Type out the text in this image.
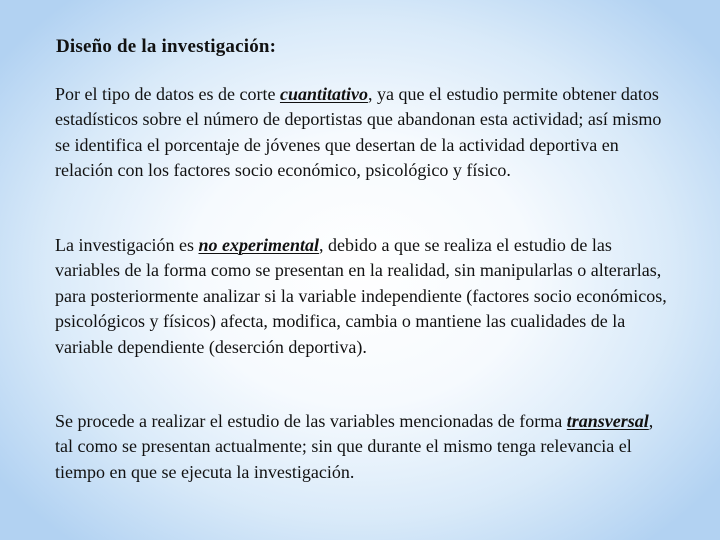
Diseño de la investigación:

Por el tipo de datos es de corte cuantitativo, ya que el estudio permite obtener datos estadísticos sobre el número de deportistas que abandonan esta actividad; así mismo se identifica el porcentaje de jóvenes que desertan de la actividad deportiva en relación con los factores socio económico, psicológico y físico.

La investigación es no experimental, debido a que se realiza el estudio de las variables de la forma como se presentan en la realidad, sin manipularlas o alterarlas, para posteriormente analizar si la variable independiente (factores socio económicos, psicológicos y físicos) afecta, modifica, cambia o mantiene las cualidades de la variable dependiente (deserción deportiva).

Se procede a realizar el estudio de las variables mencionadas de forma transversal, tal como se presentan actualmente; sin que durante el mismo tenga relevancia el tiempo en que se ejecuta la investigación.
